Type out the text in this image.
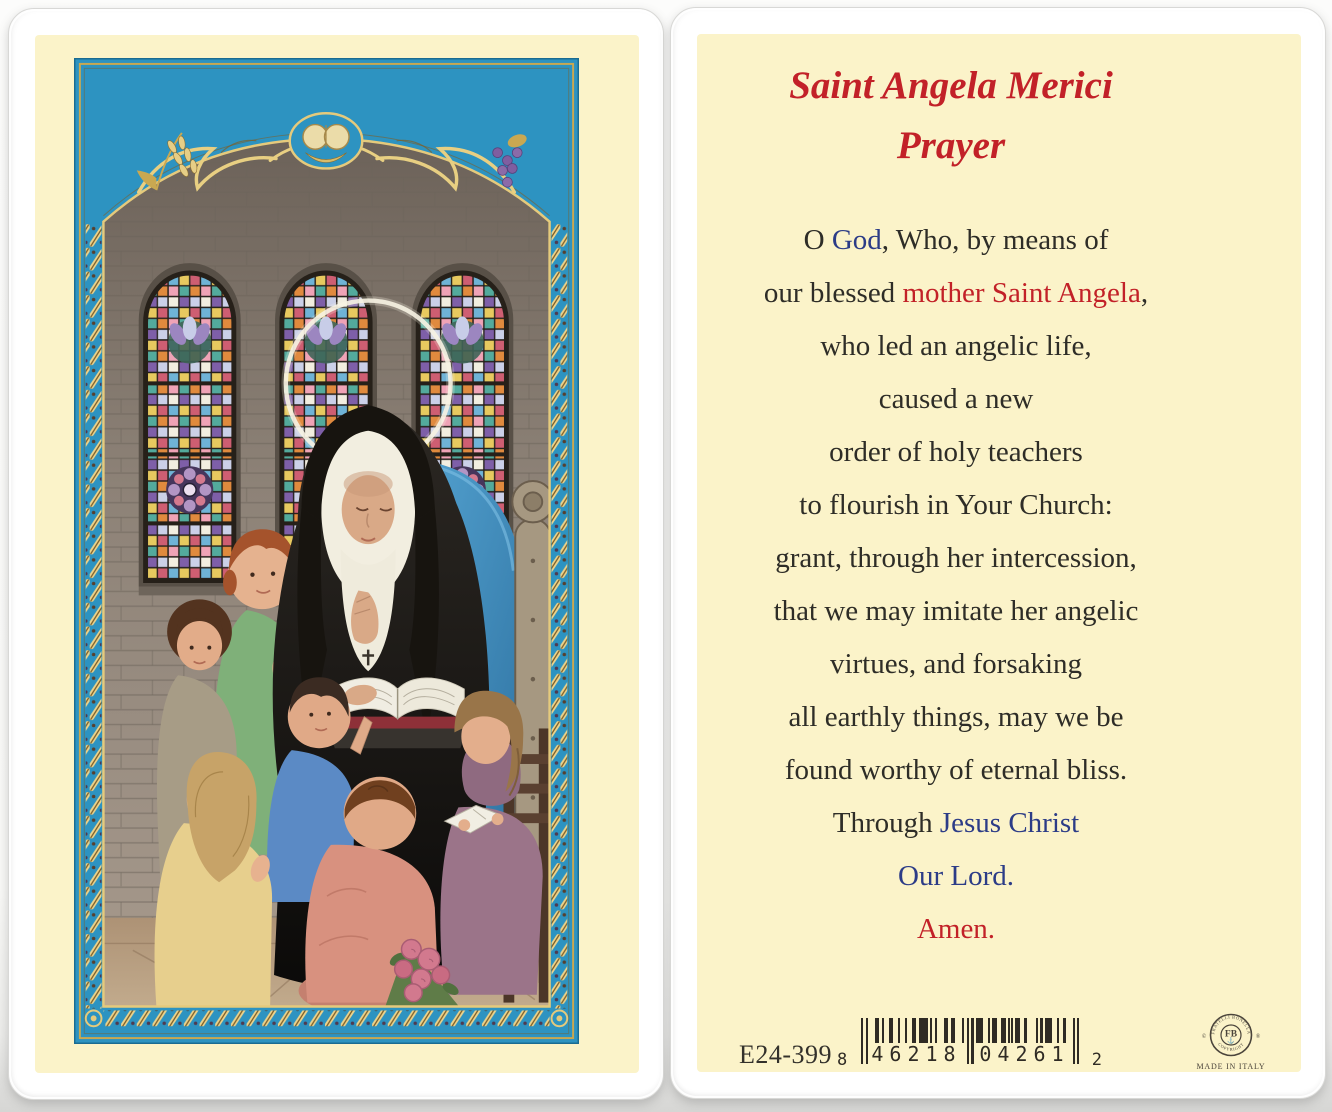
Saint Angela Merici
Prayer
O God, Who, by means of
our blessed mother Saint Angela,
who led an angelic life,
caused a new
order of holy teachers
to flourish in Your Church:
grant, through her intercession,
that we may imitate her angelic
virtues, and forsaking
all earthly things, may we be
found worthy of eternal bliss.
Through Jesus Christ
Our Lord.
Amen.
E24-399 8 46218 04261 2
FRATELLI BONELLA
COPYRIGHT
FB
⚓
©	®
MADE IN ITALY
